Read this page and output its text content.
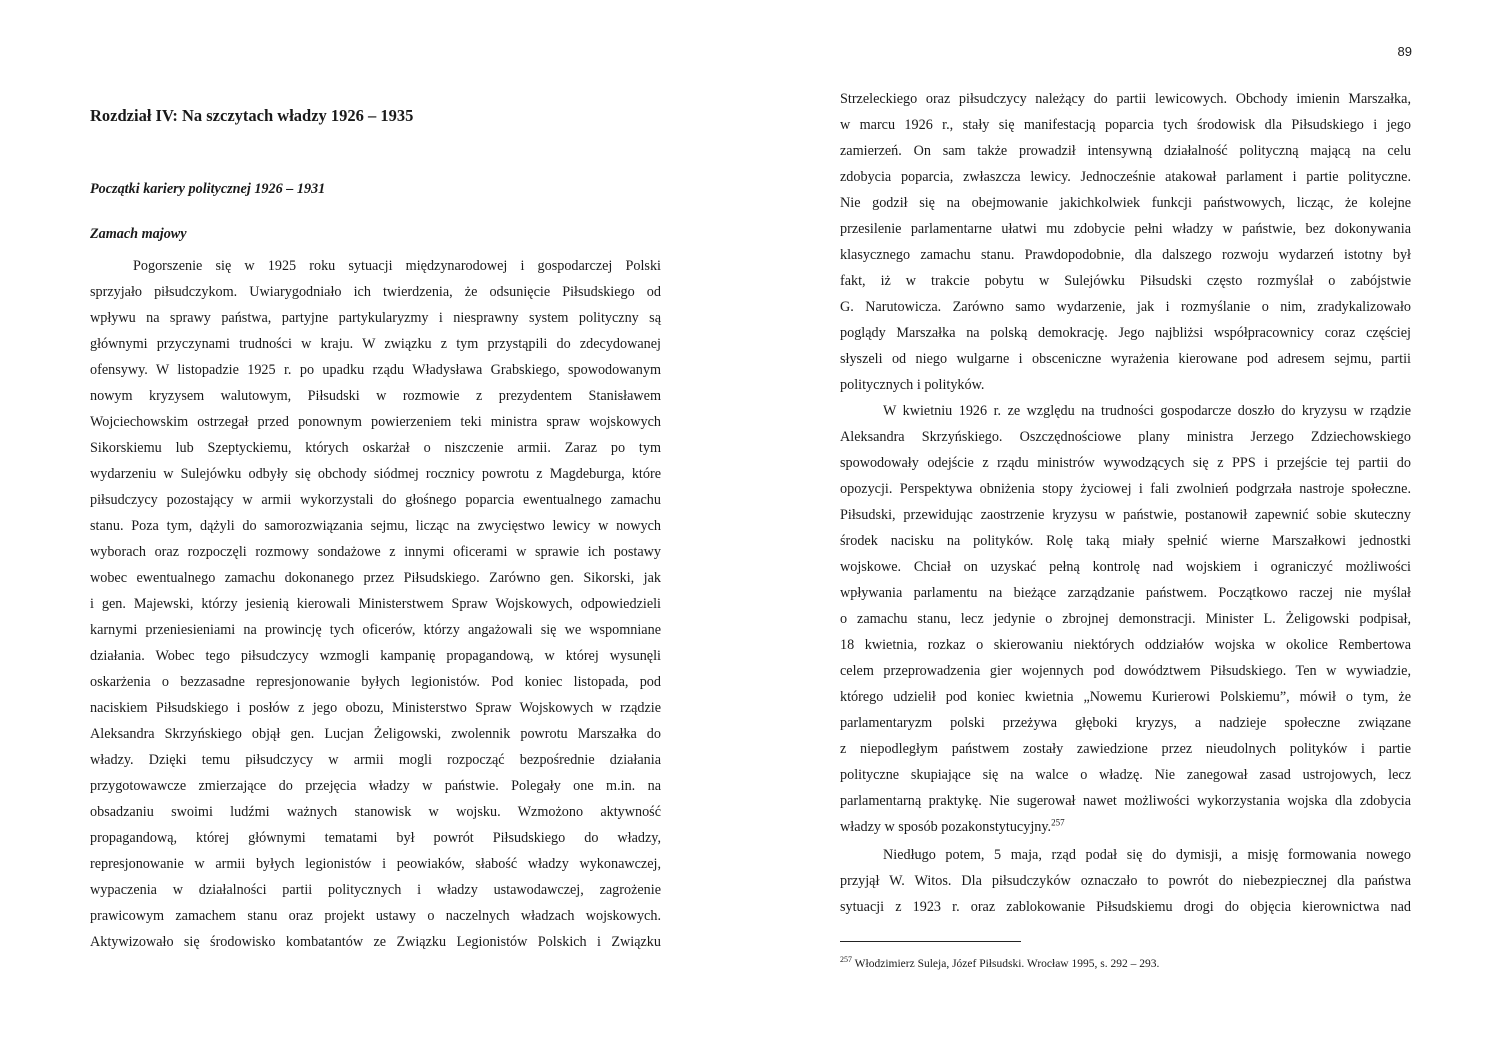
Rozdział IV: Na szczytach władzy 1926 – 1935
Początki kariery politycznej 1926 – 1931
Zamach majowy

Pogorszenie się w 1925 roku sytuacji międzynarodowej i gospodarczej Polski

sprzyjało piłsudczykom. Uwiarygodniało ich twierdzenia, że odsunięcie Piłsudskiego od

wpływu na sprawy państwa, partyjne partykularyzmy i niesprawny system polityczny są

głównymi przyczynami trudności w kraju. W związku z tym przystąpili do zdecydowanej

ofensywy. W listopadzie 1925 r. po upadku rządu Władysława Grabskiego, spowodowanym

nowym kryzysem walutowym, Piłsudski w rozmowie z prezydentem Stanisławem

Wojciechowskim ostrzegał przed ponownym powierzeniem teki ministra spraw wojskowych

Sikorskiemu lub Szeptyckiemu, których oskarżał o niszczenie armii. Zaraz po tym

wydarzeniu w Sulejówku odbyły się obchody siódmej rocznicy powrotu z Magdeburga, które

piłsudczycy pozostający w armii wykorzystali do głośnego poparcia ewentualnego zamachu

stanu. Poza tym, dążyli do samorozwiązania sejmu, licząc na zwycięstwo lewicy w nowych

wyborach oraz rozpoczęli rozmowy sondażowe z innymi oficerami w sprawie ich postawy

wobec ewentualnego zamachu dokonanego przez Piłsudskiego. Zarówno gen. Sikorski, jak

i gen. Majewski, którzy jesienią kierowali Ministerstwem Spraw Wojskowych, odpowiedzieli

karnymi przeniesieniami na prowincję tych oficerów, którzy angażowali się we wspomniane

działania. Wobec tego piłsudczycy wzmogli kampanię propagandową, w której wysunęli

oskarżenia o bezzasadne represjonowanie byłych legionistów. Pod koniec listopada, pod

naciskiem Piłsudskiego i posłów z jego obozu, Ministerstwo Spraw Wojskowych w rządzie

Aleksandra Skrzyńskiego objął gen. Lucjan Żeligowski, zwolennik powrotu Marszałka do

władzy. Dzięki temu piłsudczycy w armii mogli rozpocząć bezpośrednie działania

przygotowawcze zmierzające do przejęcia władzy w państwie. Polegały one m.in. na

obsadzaniu swoimi ludźmi ważnych stanowisk w wojsku. Wzmożono aktywność

propagandową, której głównymi tematami był powrót Piłsudskiego do władzy,

represjonowanie w armii byłych legionistów i peowiaków, słabość władzy wykonawczej,

wypaczenia w działalności partii politycznych i władzy ustawodawczej, zagrożenie

prawicowym zamachem stanu oraz projekt ustawy o naczelnych władzach wojskowych.

Aktywizowało się środowisko kombatantów ze Związku Legionistów Polskich i Związku

89

Strzeleckiego oraz piłsudczycy należący do partii lewicowych. Obchody imienin Marszałka,

w marcu 1926 r., stały się manifestacją poparcia tych środowisk dla Piłsudskiego i jego

zamierzeń. On sam także prowadził intensywną działalność polityczną mającą na celu

zdobycia poparcia, zwłaszcza lewicy. Jednocześnie atakował parlament i partie polityczne.

Nie godził się na obejmowanie jakichkolwiek funkcji państwowych, licząc, że kolejne

przesilenie parlamentarne ułatwi mu zdobycie pełni władzy w państwie, bez dokonywania

klasycznego zamachu stanu. Prawdopodobnie, dla dalszego rozwoju wydarzeń istotny był

fakt, iż w trakcie pobytu w Sulejówku Piłsudski często rozmyślał o zabójstwie

G. Narutowicza. Zarówno samo wydarzenie, jak i rozmyślanie o nim, zradykalizowało

poglądy Marszałka na polską demokrację. Jego najbliżsi współpracownicy coraz częściej

słyszeli od niego wulgarne i obsceniczne wyrażenia kierowane pod adresem sejmu, partii

politycznych i polityków.

W kwietniu 1926 r. ze względu na trudności gospodarcze doszło do kryzysu w rządzie

Aleksandra Skrzyńskiego. Oszczędnościowe plany ministra Jerzego Zdziechowskiego

spowodowały odejście z rządu ministrów wywodzących się z PPS i przejście tej partii do

opozycji. Perspektywa obniżenia stopy życiowej i fali zwolnień podgrzała nastroje społeczne.

Piłsudski, przewidując zaostrzenie kryzysu w państwie, postanowił zapewnić sobie skuteczny

środek nacisku na polityków. Rolę taką miały spełnić wierne Marszałkowi jednostki

wojskowe. Chciał on uzyskać pełną kontrolę nad wojskiem i ograniczyć możliwości

wpływania parlamentu na bieżące zarządzanie państwem. Początkowo raczej nie myślał

o zamachu stanu, lecz jedynie o zbrojnej demonstracji. Minister L. Żeligowski podpisał,

18 kwietnia, rozkaz o skierowaniu niektórych oddziałów wojska w okolice Rembertowa

celem przeprowadzenia gier wojennych pod dowództwem Piłsudskiego. Ten w wywiadzie,

którego udzielił pod koniec kwietnia „Nowemu Kurierowi Polskiemu”, mówił o tym, że

parlamentaryzm polski przeżywa głęboki kryzys, a nadzieje społeczne związane

z niepodległym państwem zostały zawiedzione przez nieudolnych polityków i partie

polityczne skupiające się na walce o władzę. Nie zanegował zasad ustrojowych, lecz

parlamentarną praktykę. Nie sugerował nawet możliwości wykorzystania wojska dla zdobycia

władzy w sposób pozakonstytucyjny.$^{257}$

Niedługo potem, 5 maja, rząd podał się do dymisji, a misję formowania nowego

przyjął W. Witos. Dla piłsudczyków oznaczało to powrót do niebezpiecznej dla państwa

sytuacji z 1923 r. oraz zablokowanie Piłsudskiemu drogi do objęcia kierownictwa nad

$^{257}$ Włodzimierz Suleja, Józef Piłsudski. Wrocław 1995, s. 292 – 293.
